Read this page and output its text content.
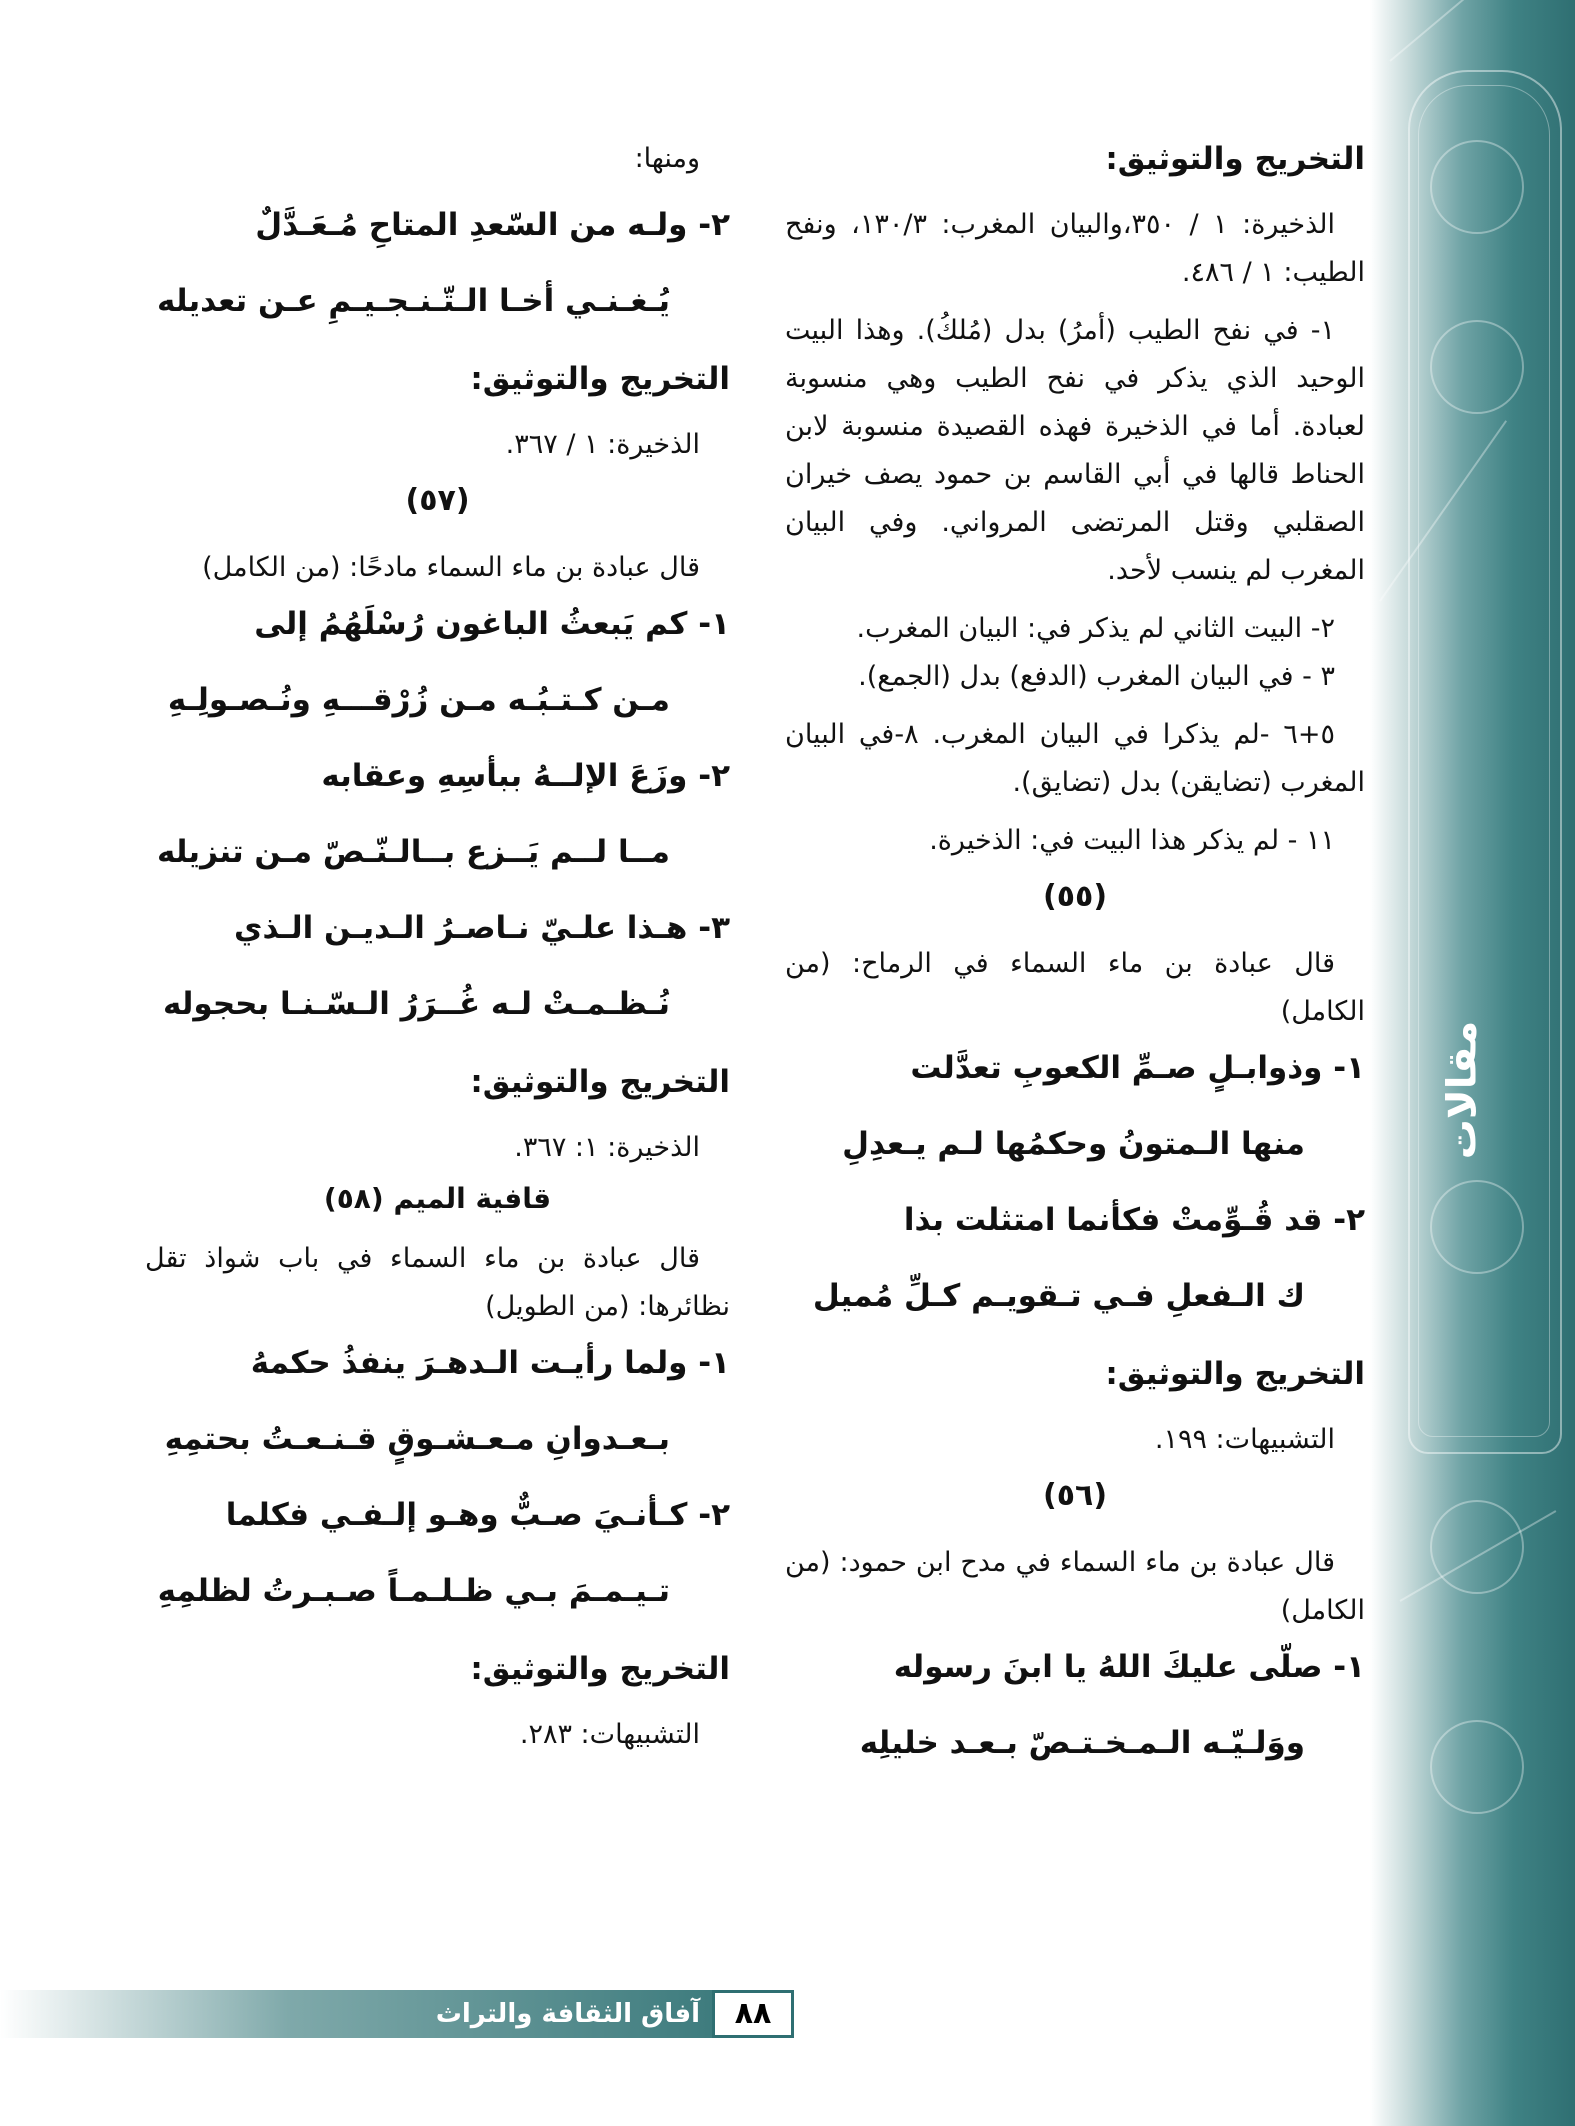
مقالات
التخريج والتوثيق:
الذخيرة: ١ / ٣٥٠،والبيان المغرب: ١٣٠/٣، ونفح الطيب: ١ / ٤٨٦.
١- في نفح الطيب (أمرُ) بدل (مُلكُ). وهذا البيت الوحيد الذي يذكر في نفح الطيب وهي منسوبة لعبادة. أما في الذخيرة فهذه القصيدة منسوبة لابن الحناط قالها في أبي القاسم بن حمود يصف خيران الصقلبي وقتل المرتضى المرواني. وفي البيان المغرب لم ينسب لأحد.
٢- البيت الثاني لم يذكر في: البيان المغرب.
٣ - في البيان المغرب (الدفع) بدل (الجمع).
٥+٦ -لم يذكرا في البيان المغرب. ٨-في البيان المغرب (تضايقن) بدل (تضايق).
١١ - لم يذكر هذا البيت في: الذخيرة.
(٥٥)
قال عبادة بن ماء السماء في الرماح: (من الكامل)
١- وذوابـلٍ صـمِّ الكعوبِ تعدَّلت
منها الـمتونُ وحكمُها لـم يـعدِلِ
٢- قد قُـوِّمتْ فكأنما امتثلت بذا
ك الـفعلِ فـي تـقويـم كـلِّ مُميل
التخريج والتوثيق:
التشبيهات: ١٩٩.
(٥٦)
قال عبادة بن ماء السماء في مدح ابن حمود: (من الكامل)
١- صلّى عليكَ اللهُ يا ابنَ رسوله
ووَلـيّـه الـمـخـتـصّ بـعـد خليلِه
ومنها:
٢- ولـه من السّعدِ المتاحِ مُـعَـدَّلٌ
يُـغـنـي أخـا الـتّـنـجـيـمِ عـن تعديله
التخريج والتوثيق:
الذخيرة: ١ / ٣٦٧.
(٥٧)
قال عبادة بن ماء السماء مادحًا: (من الكامل)
١- كم يَبعثُ الباغون رُسْلَهُمُ إلى
مـن كـتـبُـه مـن زُرْقـــهِ ونُـصـولِـهِ
٢- وزَعَ الإلــهُ ببأسِهِ وعقابه
مــا لــم يَــزع بــالـنّـصّ مـن تنزيله
٣- هـذا علـيّ نـاصـرُ الـديـن الـذي
نُـظـمـتْ لـه غُــرَرُ الـسّـنـا بحجوله
التخريج والتوثيق:
الذخيرة: ١: ٣٦٧.
قافية الميم (٥٨)
قال عبادة بن ماء السماء في باب شواذ تقل نظائرها: (من الطويل)
١- ولما رأيـت الـدهـرَ ينفذُ حكمهُ
بـعـدوانِ مـعـشـوقٍ قـنـعـتُ بحتمِهِ
٢- كـأنـيَ صـبٌّ وهـو إلـفـي فكلما
تـيـمـمَ بـي ظـلـمـاً صـبـرتُ لظلمِهِ
التخريج والتوثيق:
التشبيهات: ٢٨٣.
آفاق الثقافة والتراث	٨٨
